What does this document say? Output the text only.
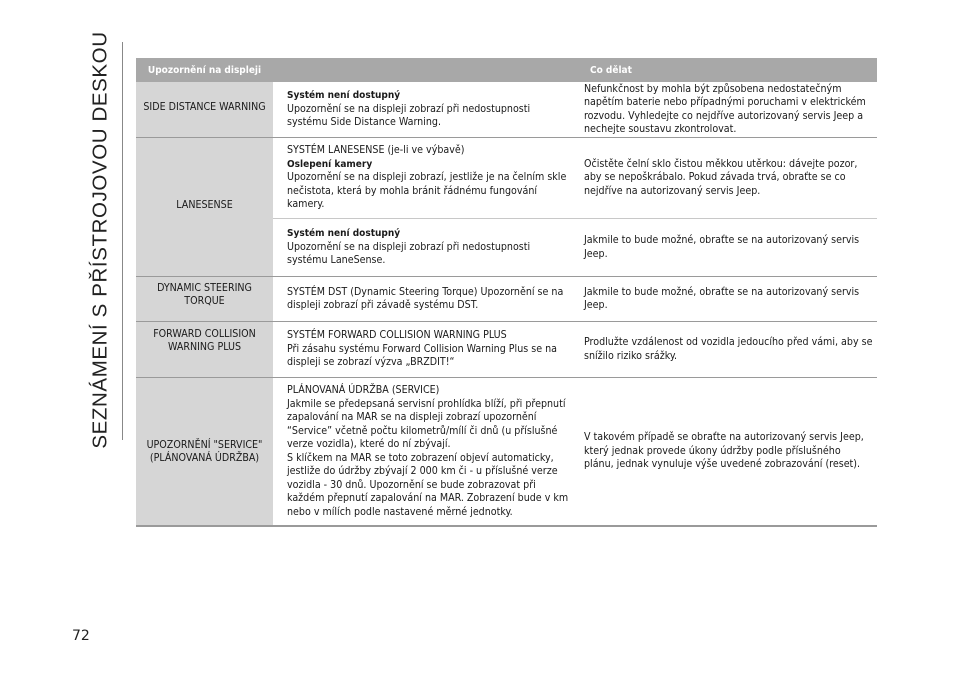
SEZNÁMENÍ S PŘÍSTROJOVOU DESKOU	Upozornění na displeji	Co dělat
SIDE DISTANCE WARNING
Systém není dostupný
Upozornění se na displeji zobrazí při nedostupnosti systému Side Distance Warning.
Nefunkčnost by mohla být způsobena nedostatečným napětím baterie nebo případnými poruchami v elektrickém rozvodu. Vyhledejte co nejdříve autorizovaný servis Jeep a nechejte soustavu zkontrolovat.
LANESENSE
SYSTÉM LANESENSE (je-li ve výbavě)
Oslepení kamery
Upozornění se na displeji zobrazí, jestliže je na čelním skle nečistota, která by mohla bránit řádnému fungování kamery.
Očistěte čelní sklo čistou měkkou utěrkou: dávejte pozor, aby se nepoškrábalo. Pokud závada trvá, obraťte se co nejdříve na autorizovaný servis Jeep.
Systém není dostupný
Upozornění se na displeji zobrazí při nedostupnosti systému LaneSense.
Jakmile to bude možné, obraťte se na autorizovaný servis Jeep.
DYNAMIC STEERING
TORQUE
SYSTÉM DST (Dynamic Steering Torque) Upozornění se na displeji zobrazí při závadě systému DST.
Jakmile to bude možné, obraťte se na autorizovaný servis Jeep.
FORWARD COLLISION
WARNING PLUS
SYSTÉM FORWARD COLLISION WARNING PLUS
Při zásahu systému Forward Collision Warning Plus se na displeji se zobrazí výzva „BRZDIT!“
Prodlužte vzdálenost od vozidla jedoucího před vámi, aby se snížilo riziko srážky.
UPOZORNĚNÍ "SERVICE"
(PLÁNOVANÁ ÚDRŽBA)
PLÁNOVANÁ ÚDRŽBA (SERVICE)
Jakmile se předepsaná servisní prohlídka blíží, při přepnutí zapalování na MAR se na displeji zobrazí upozornění “Service” včetně počtu kilometrů/mílí či dnů (u příslušné verze vozidla), které do ní zbývají.
S klíčkem na MAR se toto zobrazení objeví automaticky, jestliže do údržby zbývají 2 000 km či - u příslušné verze vozidla - 30 dnů. Upozornění se bude zobrazovat při každém přepnutí zapalování na MAR. Zobrazení bude v km nebo v mílích podle nastavené měrné jednotky.
V takovém případě se obraťte na autorizovaný servis Jeep, který jednak provede úkony údržby podle příslušného plánu, jednak vynuluje výše uvedené zobrazování (reset).
72
